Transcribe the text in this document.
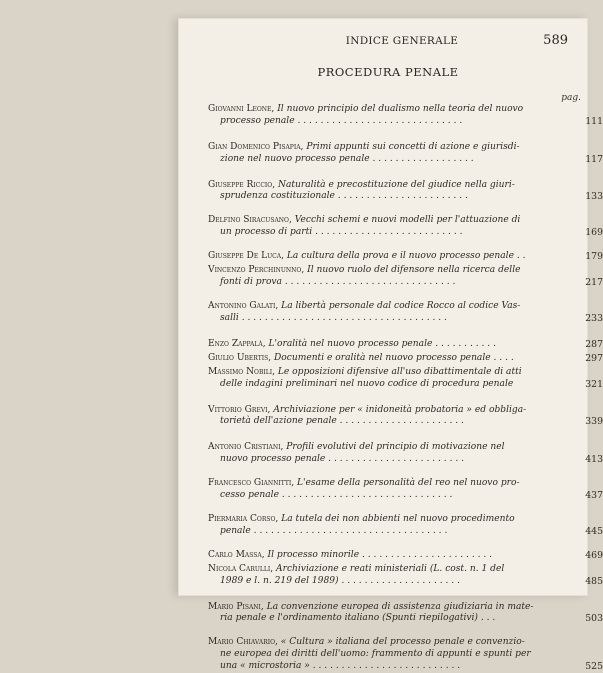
INDICE GENERALE	589
PROCEDURA PENALE
pag.
Giovanni Leone, Il nuovo principio del dualismo nella teoria del nuovo
processo penale . . . . . . . . . . . . . . . . . . . . . . . . . . . . .	111
Gian Domenico Pisapia, Primi appunti sui concetti di azione e giurisdi-
zione nel nuovo processo penale . . . . . . . . . . . . . . . . . .	117
Giuseppe Riccio, Naturalità e precostituzione del giudice nella giuri-
sprudenza costituzionale . . . . . . . . . . . . . . . . . . . . . . .	133
Delfino Siracusano, Vecchi schemi e nuovi modelli per l'attuazione di
un processo di parti . . . . . . . . . . . . . . . . . . . . . . . . . .	169
Giuseppe De Luca, La cultura della prova e il nuovo processo penale . .	179
Vincenzo Perchinunno, Il nuovo ruolo del difensore nella ricerca delle
fonti di prova . . . . . . . . . . . . . . . . . . . . . . . . . . . . . .	217
Antonino Galati, La libertà personale dal codice Rocco al codice Vas-
salli . . . . . . . . . . . . . . . . . . . . . . . . . . . . . . . . . . . .	233
Enzo Zappalà, L'oralità nel nuovo processo penale . . . . . . . . . . .	287
Giulio Ubertis, Documenti e oralità nel nuovo processo penale . . . .	297
Massimo Nobili, Le opposizioni difensive all'uso dibattimentale di atti
delle indagini preliminari nel nuovo codice di procedura penale	321
Vittorio Grevi, Archiviazione per « inidoneità probatoria » ed obbliga-
torietà dell'azione penale . . . . . . . . . . . . . . . . . . . . . .	339
Antonio Cristiani, Profili evolutivi del principio di motivazione nel
nuovo processo penale . . . . . . . . . . . . . . . . . . . . . . . .	413
Francesco Giannitti, L'esame della personalità del reo nel nuovo pro-
cesso penale . . . . . . . . . . . . . . . . . . . . . . . . . . . . . .	437
Piermaria Corso, La tutela dei non abbienti nel nuovo procedimento
penale . . . . . . . . . . . . . . . . . . . . . . . . . . . . . . . . . .	445
Carlo Massa, Il processo minorile . . . . . . . . . . . . . . . . . . . . . . .	469
Nicola Carulli, Archiviazione e reati ministeriali (L. cost. n. 1 del
1989 e l. n. 219 del 1989) . . . . . . . . . . . . . . . . . . . . .	485
Mario Pisani, La convenzione europea di assistenza giudiziaria in mate-
ria penale e l'ordinamento italiano (Spunti riepilogativi) . . .	503
Mario Chiavario, « Cultura » italiana del processo penale e convenzio-
ne europea dei diritti dell'uomo: frammento di appunti e spunti per
una « microstoria » . . . . . . . . . . . . . . . . . . . . . . . . . .	525
